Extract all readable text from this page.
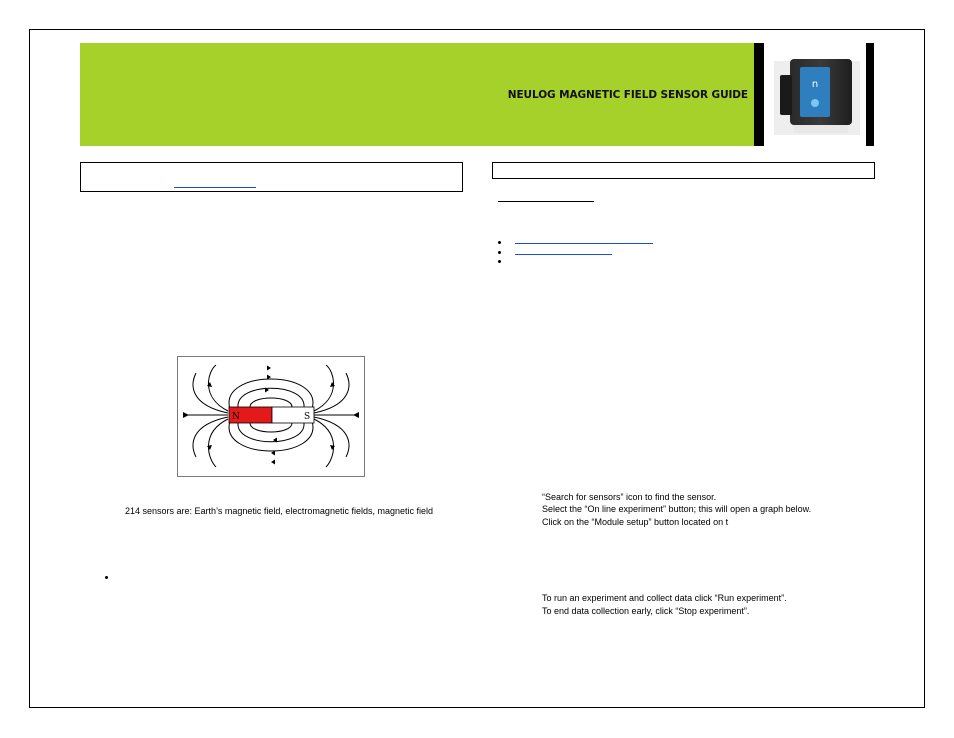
NEULOG MAGNETIC FIELD SENSOR GUIDE
n
N	S
214 sensors are: Earth’s magnetic field, electromagnetic fields, magnetic field
“Search for sensors” icon to find the sensor.
Select the “On line experiment” button; this will open a graph below.
Click on the “Module setup” button located on t
To run an experiment and collect data click “Run experiment”.
To end data collection early, click “Stop experiment”.
